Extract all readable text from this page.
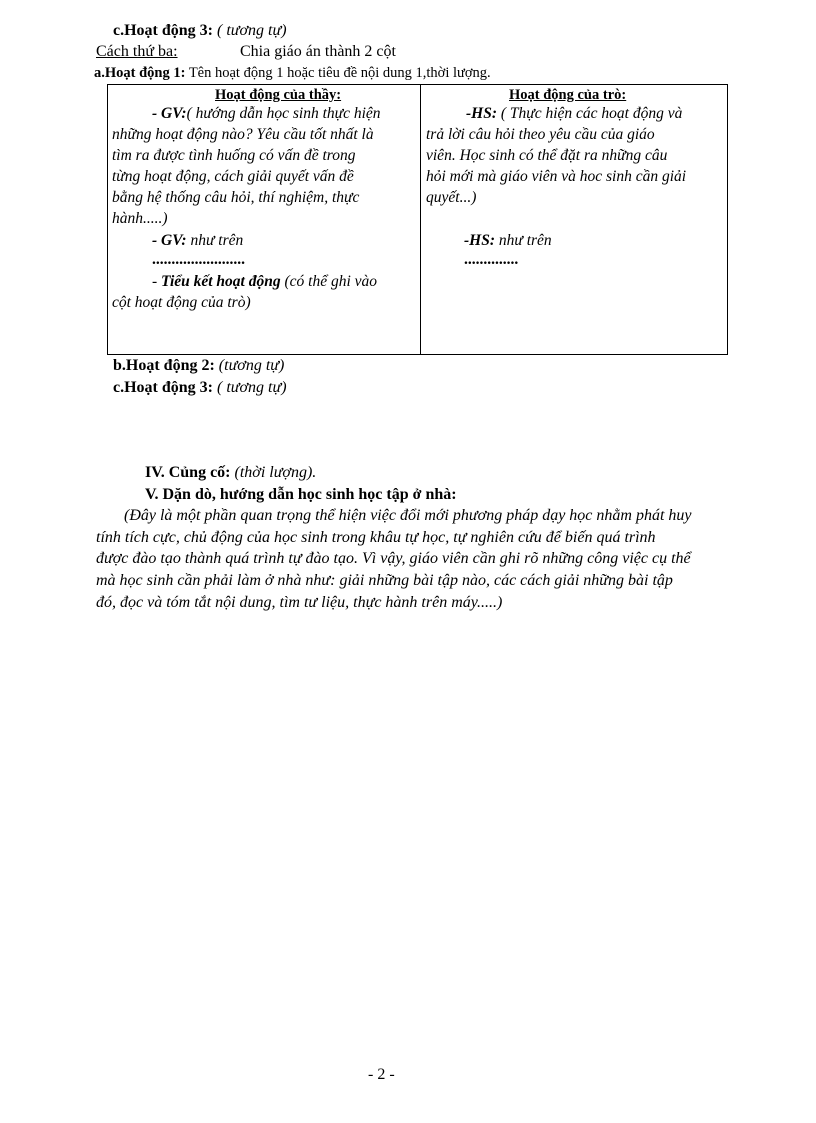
c.Hoạt động 3: ( tương tự)
Cách thứ ba:	Chia giáo án thành 2 cột
a.Hoạt động 1: Tên hoạt động 1 hoặc tiêu đề nội dung 1,thời lượng.
Hoạt động của thầy:
- GV:( hướng dẫn học sinh thực hiện
những hoạt động nào? Yêu cầu tốt nhất là
tìm ra được tình huống có vấn đề trong
từng hoạt động, cách giải quyết vấn đề
bằng hệ thống câu hỏi, thí nghiệm, thực
hành.....)
- GV: như trên
........................
- Tiểu kết hoạt động (có thể ghi vào
cột hoạt động của trò)
Hoạt động của trò:
-HS: ( Thực hiện các hoạt động và
trả lời câu hỏi theo yêu cầu của giáo
viên. Học sinh có thể đặt ra những câu
hỏi mới mà giáo viên và hoc sinh cần giải
quyết...)
-HS: như trên
..............
b.Hoạt động 2: (tương tự)
c.Hoạt động 3: ( tương tự)
IV. Củng cố: (thời lượng).
V. Dặn dò, hướng dẫn học sinh học tập ở nhà:
(Đây là một phần quan trọng thể hiện việc đổi mới phương pháp dạy học nhằm phát huy
tính tích cực, chủ động của học sinh trong khâu tự học, tự nghiên cứu để biến quá trình
được đào tạo thành quá trình tự đào tạo. Vì vậy, giáo viên cần ghi rõ những công việc cụ thể
mà học sinh cần phải làm ở nhà như: giải những bài tập nào, các cách giải những bài tập
đó, đọc và tóm tắt nội dung, tìm tư liệu, thực hành trên máy.....)
- 2 -
